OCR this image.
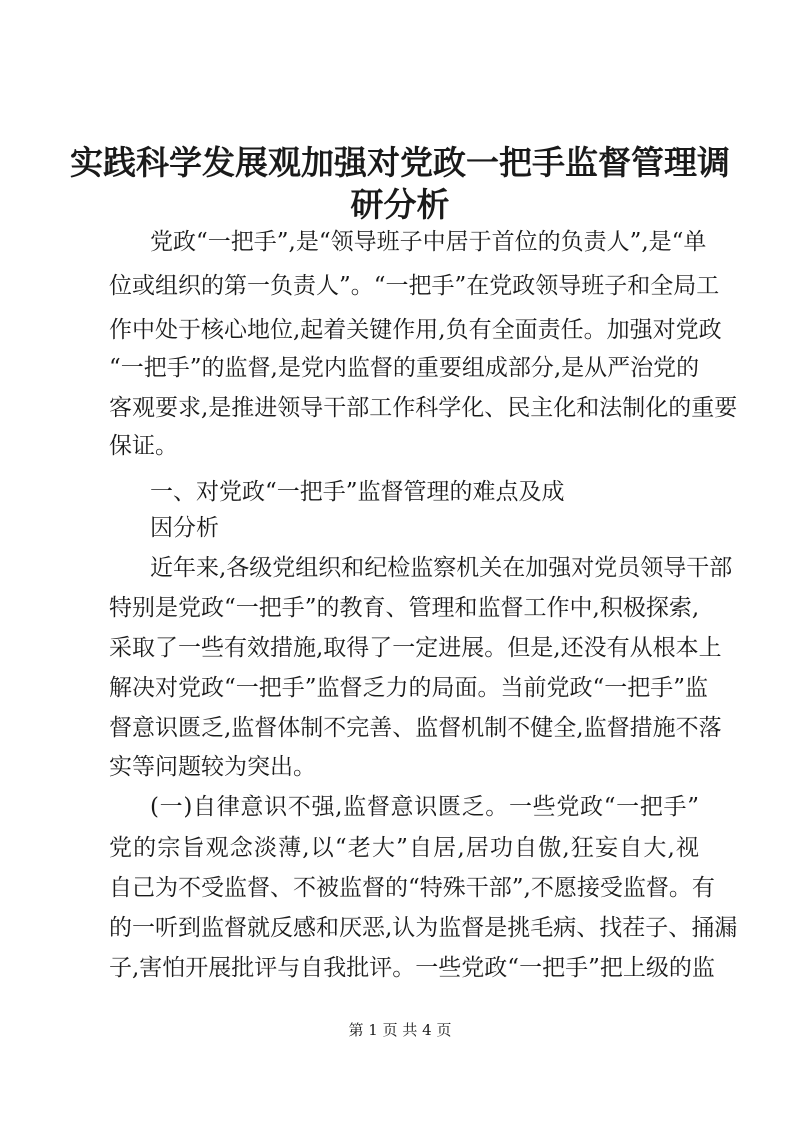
实践科学发展观加强对党政一把手监督管理调
研分析
党政“一把手”,是“领导班子中居于首位的负责人”,是“单
位或组织的第一负责人”。“一把手”在党政领导班子和全局工
作中处于核心地位,起着关键作用,负有全面责任。加强对党政
“一把手”的监督,是党内监督的重要组成部分,是从严治党的
客观要求,是推进领导干部工作科学化、民主化和法制化的重要
保证。
一、对党政“一把手”监督管理的难点及成
因分析
近年来,各级党组织和纪检监察机关在加强对党员领导干部
特别是党政“一把手”的教育、管理和监督工作中,积极探索,
采取了一些有效措施,取得了一定进展。但是,还没有从根本上
解决对党政“一把手”监督乏力的局面。当前党政“一把手”监
督意识匮乏,监督体制不完善、监督机制不健全,监督措施不落
实等问题较为突出。
(一)自律意识不强,监督意识匮乏。一些党政“一把手”
党的宗旨观念淡薄,以“老大”自居,居功自傲,狂妄自大,视
自己为不受监督、不被监督的“特殊干部”,不愿接受监督。有
的一听到监督就反感和厌恶,认为监督是挑毛病、找茬子、捅漏
子,害怕开展批评与自我批评。一些党政“一把手”把上级的监
第 1 页 共 4 页
